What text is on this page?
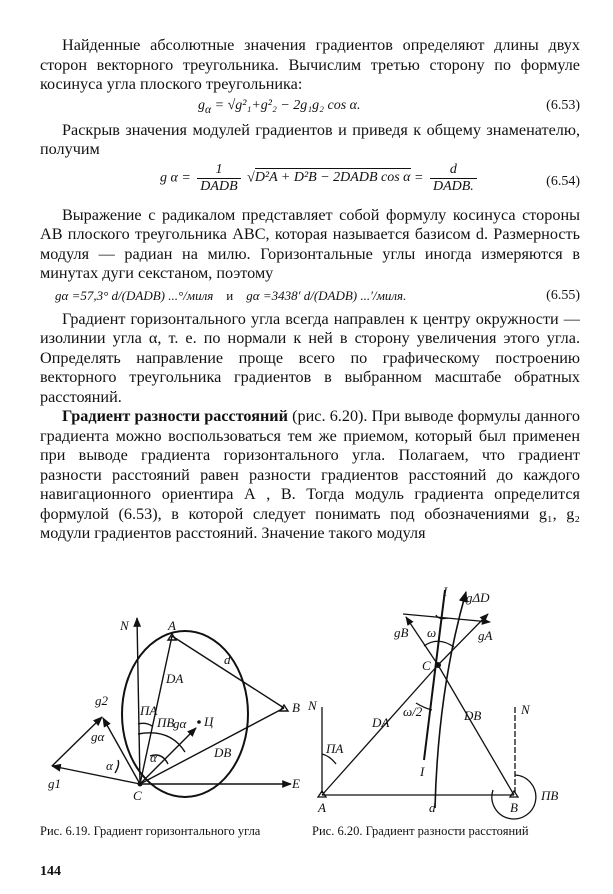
Найденные абсолютные значения градиентов определяют длины двух сторон векторного треугольника. Вычислим третью сторону по формуле косинуса угла плоского треугольника:

$g_\alpha = √g^2_1+g^2_2 - 2g_1g_2$ cos α.	(6.53)

Раскрыв значения модулей градиентов и приведя к общему знаменателю, получим

g $\alpha = \frac{1}{\text{DADB}} √D^2A + D^2B$ − 2DADB $\cos \alpha = \frac{d}{\text{DADB.}}$	(6.54)

Выражение с радикалом представляет собой формулу косинуса стороны AB плоского треугольника ABC, которая называется базисом d. Размерность модуля — радиан на милю. Горизонтальные углы иногда измеряются в минутах дуги секстаном, поэтому

gα =57,3° d/(DADB) ...°/миля и gα =3438′ d/(DADB) ...′/миля.	(6.55)

Градиент горизонтального угла всегда направлен к центру окружности — изолинии угла α, т. е. по нормали к ней в сторону увеличения этого угла. Определять направление проще всего по графическому построению векторного треугольника градиентов в выбранном масштабе обратных расстояний.

Градиент разности расстояний (рис. 6.20). При выводе формулы данного градиента можно воспользоваться тем же приемом, который был применен при выводе градиента горизонтального угла. Полагаем, что градиент разности расстояний равен разности градиентов расстояний до каждого навигационного ориентира А , В. Тогда модуль градиента определится формулой (6.53), в которой следует понимать под обозначениями g₁, g₂ модули градиентов расстояний. Значение такого модуля

N
E
A
B
C
d
DA
DB
ПA
ПB
α
α
Ц
gα
g1
g2
gα
N	N
A	B
C
d
DA	DB
ПA
ПB
ω
ω/2
I
I
gA
gB
gΔD
Рис. 6.19. Градиент горизонтального угла	Рис. 6.20. Градиент разности расстояний
144
